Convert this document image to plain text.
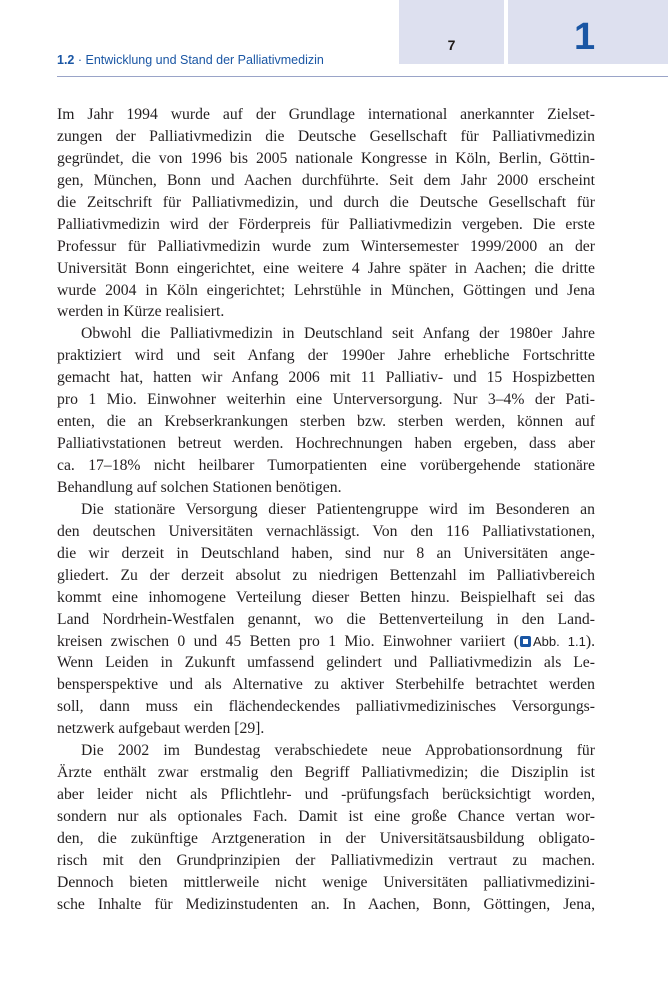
7	1
1.2 · Entwicklung und Stand der Palliativmedizin
Im Jahr 1994 wurde auf der Grundlage international anerkannter Zielset-
zungen der Palliativmedizin die Deutsche Gesellschaft für Palliativmedizin
gegründet, die von 1996 bis 2005 nationale Kongresse in Köln, Berlin, Göttin-
gen, München, Bonn und Aachen durchführte. Seit dem Jahr 2000 erscheint
die Zeitschrift für Palliativmedizin, und durch die Deutsche Gesellschaft für
Palliativmedizin wird der Förderpreis für Palliativmedizin vergeben. Die erste
Professur für Palliativmedizin wurde zum Wintersemester 1999/2000 an der
Universität Bonn eingerichtet, eine weitere 4 Jahre später in Aachen; die dritte
wurde 2004 in Köln eingerichtet; Lehrstühle in München, Göttingen und Jena
werden in Kürze realisiert.
Obwohl die Palliativmedizin in Deutschland seit Anfang der 1980er Jahre
praktiziert wird und seit Anfang der 1990er Jahre erhebliche Fortschritte
gemacht hat, hatten wir Anfang 2006 mit 11 Palliativ- und 15 Hospizbetten
pro 1 Mio. Einwohner weiterhin eine Unterversorgung. Nur 3–4% der Pati-
enten, die an Krebserkrankungen sterben bzw. sterben werden, können auf
Palliativstationen betreut werden. Hochrechnungen haben ergeben, dass aber
ca. 17–18% nicht heilbarer Tumorpatienten eine vorübergehende stationäre
Behandlung auf solchen Stationen benötigen.
Die stationäre Versorgung dieser Patientengruppe wird im Besonderen an
den deutschen Universitäten vernachlässigt. Von den 116 Palliativstationen,
die wir derzeit in Deutschland haben, sind nur 8 an Universitäten ange-
gliedert. Zu der derzeit absolut zu niedrigen Bettenzahl im Palliativbereich
kommt eine inhomogene Verteilung dieser Betten hinzu. Beispielhaft sei das
Land Nordrhein-Westfalen genannt, wo die Bettenverteilung in den Land-
kreisen zwischen 0 und 45 Betten pro 1 Mio. Einwohner variiert ( Abb. 1.1).
Wenn Leiden in Zukunft umfassend gelindert und Palliativmedizin als Le-
bensperspektive und als Alternative zu aktiver Sterbehilfe betrachtet werden
soll, dann muss ein flächendeckendes palliativmedizinisches Versorgungs-
netzwerk aufgebaut werden [29].
Die 2002 im Bundestag verabschiedete neue Approbationsordnung für
Ärzte enthält zwar erstmalig den Begriff Palliativmedizin; die Disziplin ist
aber leider nicht als Pflichtlehr- und -prüfungsfach berücksichtigt worden,
sondern nur als optionales Fach. Damit ist eine große Chance vertan wor-
den, die zukünftige Arztgeneration in der Universitätsausbildung obligato-
risch mit den Grundprinzipien der Palliativmedizin vertraut zu machen.
Dennoch bieten mittlerweile nicht wenige Universitäten palliativmedizini-
sche Inhalte für Medizinstudenten an. In Aachen, Bonn, Göttingen, Jena,
